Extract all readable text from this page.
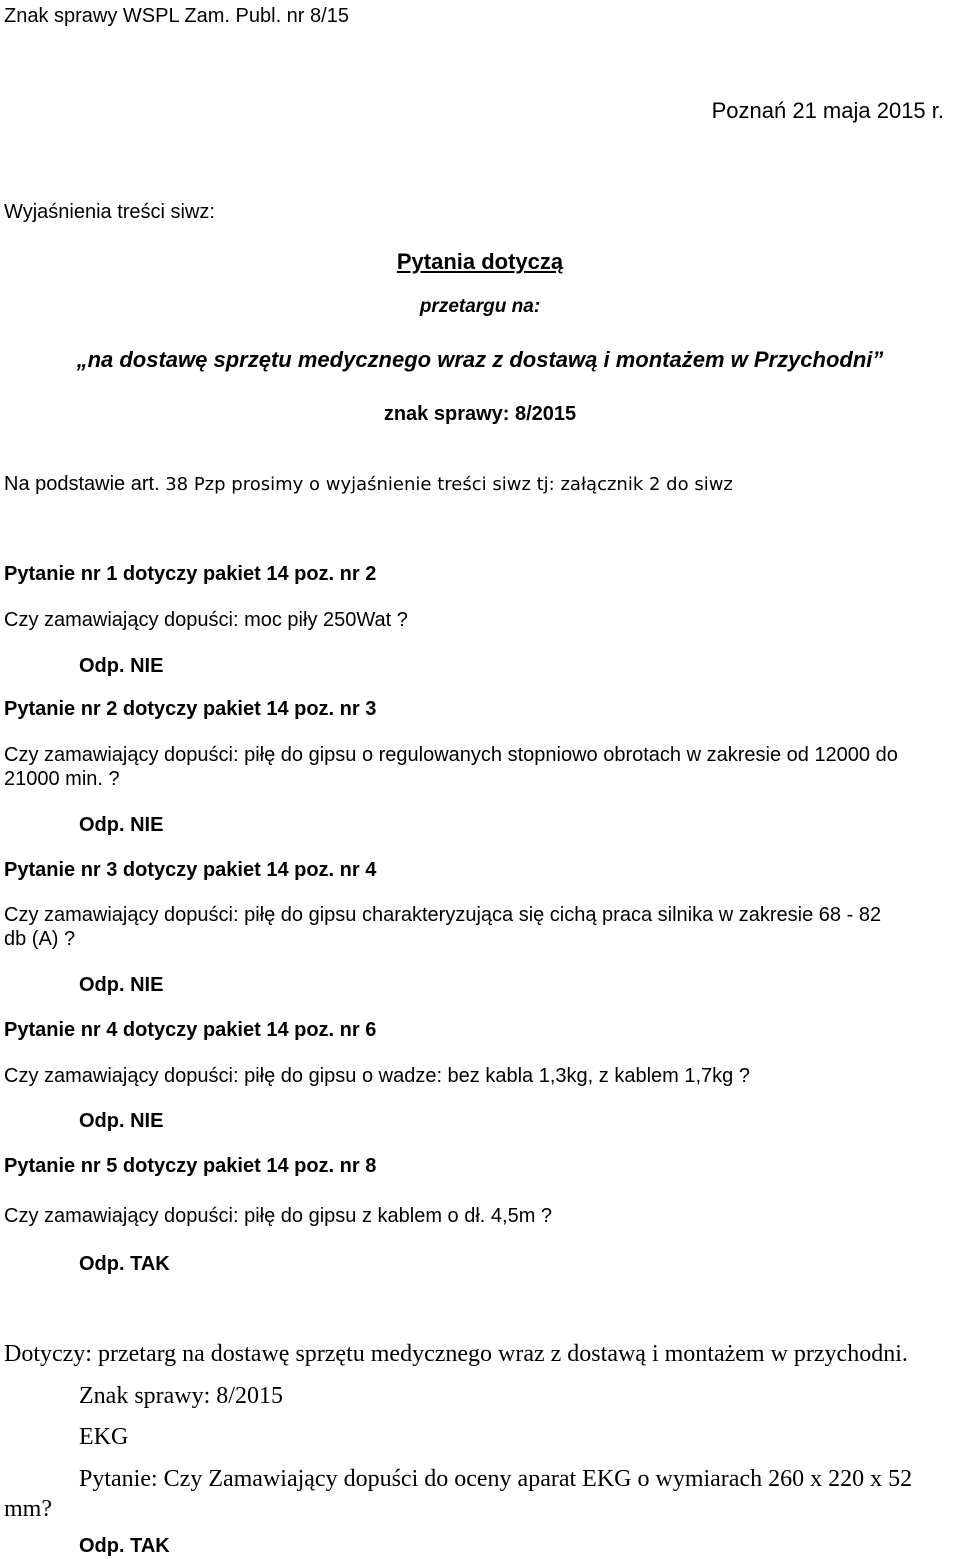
Znak sprawy WSPL Zam. Publ. nr 8/15

Poznań 21 maja 2015 r.

Wyjaśnienia treści siwz:

Pytania dotyczą

przetargu na:

„na dostawę sprzętu medycznego wraz z dostawą i montażem w Przychodni”

znak sprawy: 8/2015

Na podstawie art. 38 Pzp prosimy o wyjaśnienie treści siwz tj: załącznik 2 do siwz

Pytanie nr 1 dotyczy pakiet 14 poz. nr 2

Czy zamawiający dopuści: moc piły 250Wat ?

Odp. NIE

Pytanie nr 2 dotyczy pakiet 14 poz. nr 3

Czy zamawiający dopuści: piłę do gipsu o regulowanych stopniowo obrotach w zakresie od 12000 do

21000 min. ?

Odp. NIE

Pytanie nr 3 dotyczy pakiet 14 poz. nr 4

Czy zamawiający dopuści: piłę do gipsu charakteryzująca się cichą praca silnika w zakresie 68 - 82

db (A) ?

Odp. NIE

Pytanie nr 4 dotyczy pakiet 14 poz. nr 6

Czy zamawiający dopuści: piłę do gipsu o wadze: bez kabla 1,3kg, z kablem 1,7kg ?

Odp. NIE

Pytanie nr 5 dotyczy pakiet 14 poz. nr 8

Czy zamawiający dopuści: piłę do gipsu z kablem o dł. 4,5m ?

Odp. TAK

Dotyczy: przetarg na dostawę sprzętu medycznego wraz z dostawą i montażem w przychodni.

Znak sprawy: 8/2015

EKG

Pytanie: Czy Zamawiający dopuści do oceny aparat EKG o wymiarach 260 x 220 x 52

mm?

Odp. TAK
